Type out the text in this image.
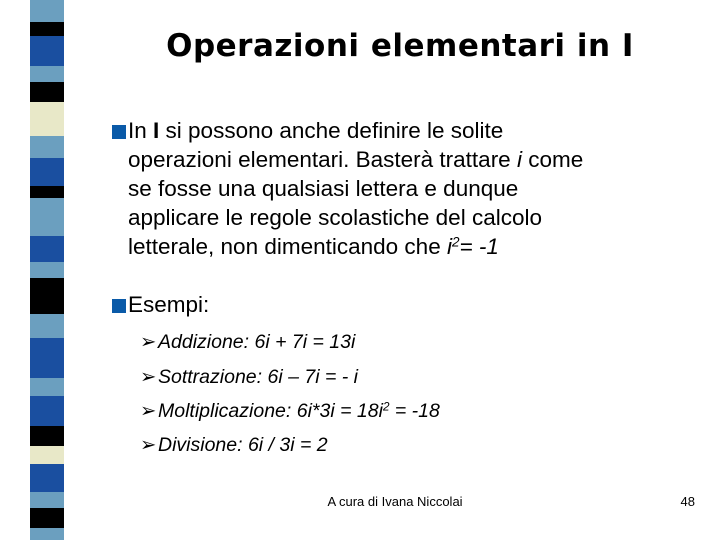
Operazioni elementari in I
In I si possono anche definire le solite
operazioni elementari. Basterà trattare i come
se fosse una qualsiasi lettera e dunque
applicare le regole scolastiche del calcolo
letterale, non dimenticando che $i^2= -1$
Esempi:
➢Addizione: 6i + 7i = 13i
➢Sottrazione: 6i – 7i = - i
➢Moltiplicazione: $6i*3i = 18i^2 = -18$
➢Divisione: 6i / 3i = 2
A cura di Ivana Niccolai	48
